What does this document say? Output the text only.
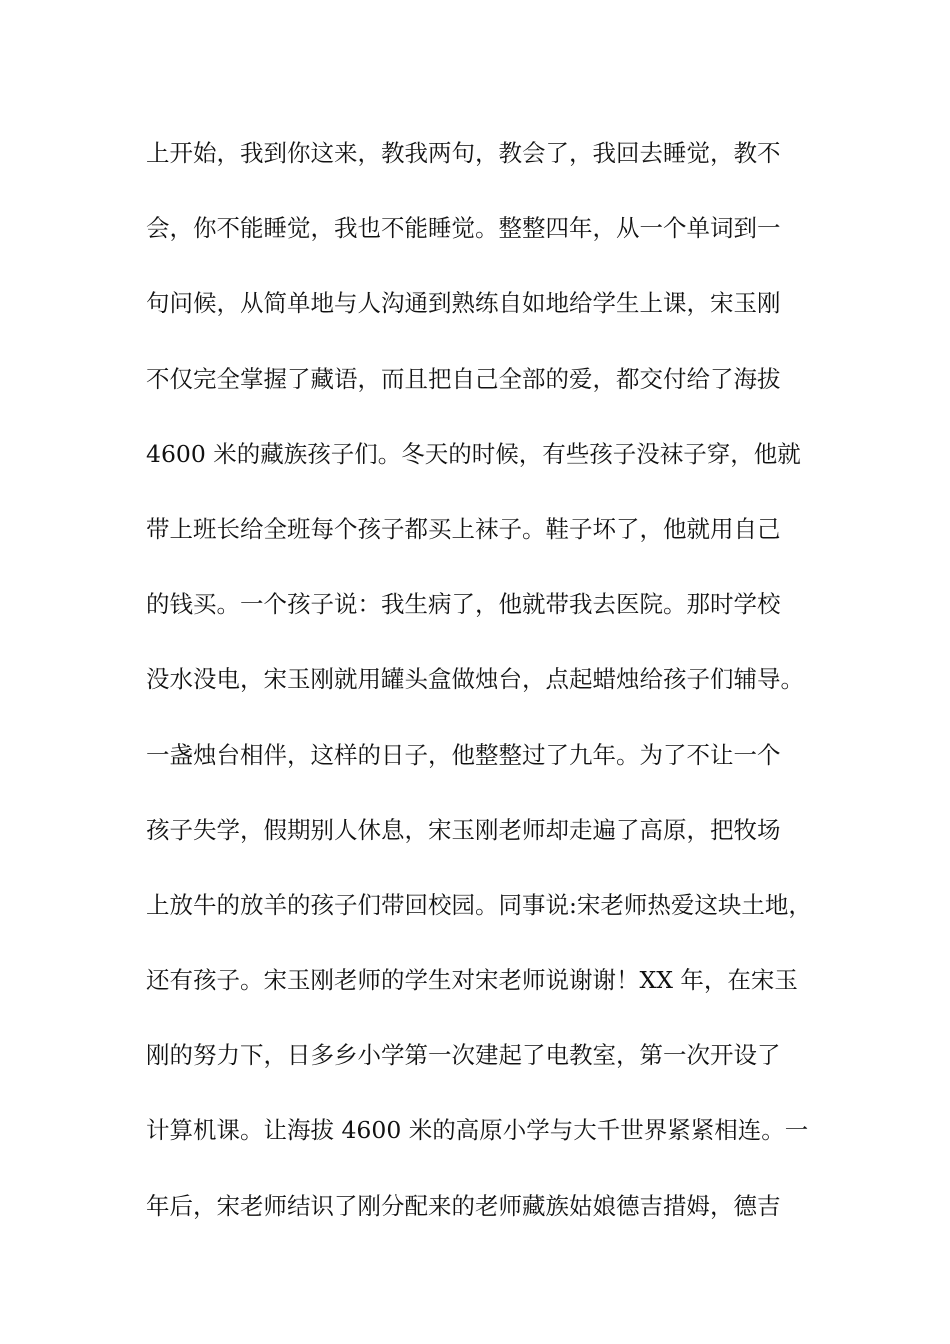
上开始，我到你这来，教我两句，教会了，我回去睡觉，教不
会，你不能睡觉，我也不能睡觉。整整四年，从一个单词到一
句问候，从简单地与人沟通到熟练自如地给学生上课，宋玉刚
不仅完全掌握了藏语，而且把自己全部的爱，都交付给了海拔
4600 米的藏族孩子们。冬天的时候，有些孩子没袜子穿，他就
带上班长给全班每个孩子都买上袜子。鞋子坏了，他就用自己
的钱买。一个孩子说：我生病了，他就带我去医院。那时学校
没水没电，宋玉刚就用罐头盒做烛台，点起蜡烛给孩子们辅导。
一盏烛台相伴，这样的日子，他整整过了九年。为了不让一个
孩子失学，假期别人休息，宋玉刚老师却走遍了高原，把牧场
上放牛的放羊的孩子们带回校园。同事说:宋老师热爱这块土地，
还有孩子。宋玉刚老师的学生对宋老师说谢谢！XX 年，在宋玉
刚的努力下，日多乡小学第一次建起了电教室，第一次开设了
计算机课。让海拔 4600 米的高原小学与大千世界紧紧相连。一
年后，宋老师结识了刚分配来的老师藏族姑娘德吉措姆，德吉
